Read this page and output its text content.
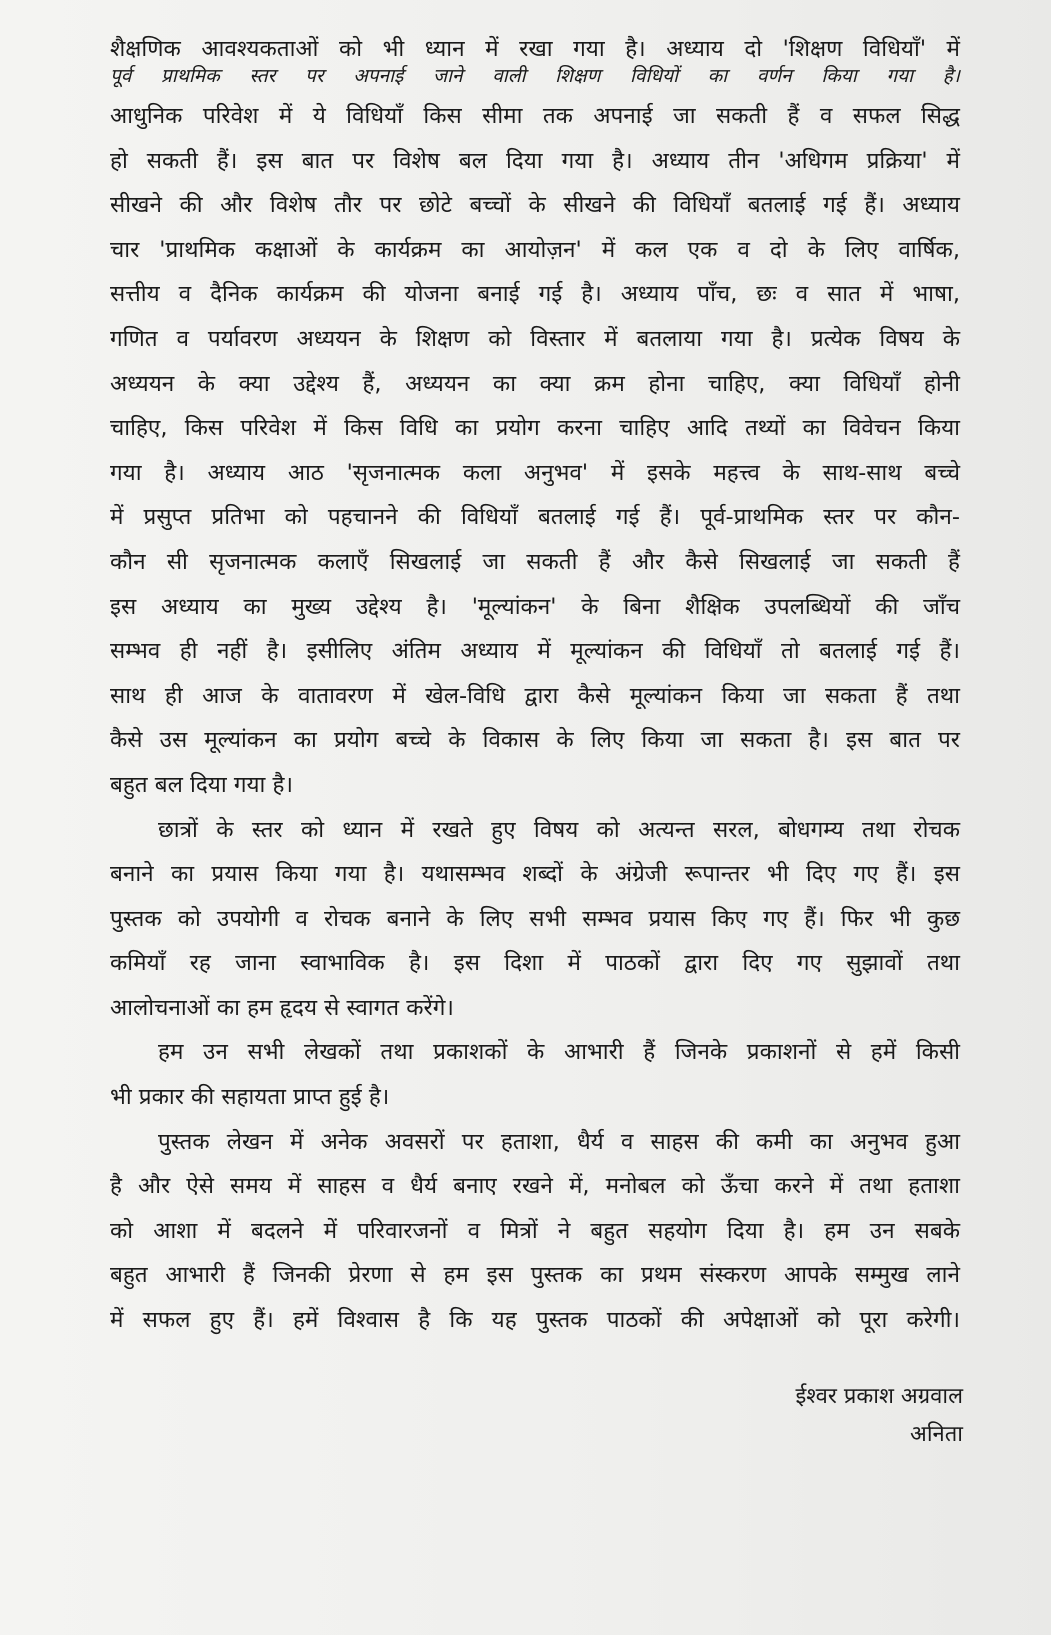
शैक्षणिक आवश्यकताओं को भी ध्यान में रखा गया है। अध्याय दो 'शिक्षण विधियाँ' में
पूर्व प्राथमिक स्तर पर अपनाई जाने वाली शिक्षण विधियों का वर्णन किया गया है।
आधुनिक परिवेश में ये विधियाँ किस सीमा तक अपनाई जा सकती हैं व सफल सिद्ध
हो सकती हैं। इस बात पर विशेष बल दिया गया है। अध्याय तीन 'अधिगम प्रक्रिया' में
सीखने की और विशेष तौर पर छोटे बच्चों के सीखने की विधियाँ बतलाई गई हैं। अध्याय
चार 'प्राथमिक कक्षाओं के कार्यक्रम का आयोज़न' में कल एक व दो के लिए वार्षिक,
सत्तीय व दैनिक कार्यक्रम की योजना बनाई गई है। अध्याय पाँच, छः व सात में भाषा,
गणित व पर्यावरण अध्ययन के शिक्षण को विस्तार में बतलाया गया है। प्रत्येक विषय के
अध्ययन के क्या उद्देश्य हैं, अध्ययन का क्या क्रम होना चाहिए, क्या विधियाँ होनी
चाहिए, किस परिवेश में किस विधि का प्रयोग करना चाहिए आदि तथ्यों का विवेचन किया
गया है। अध्याय आठ 'सृजनात्मक कला अनुभव' में इसके महत्त्व के साथ-साथ बच्चे
में प्रसुप्त प्रतिभा को पहचानने की विधियाँ बतलाई गई हैं। पूर्व-प्राथमिक स्तर पर कौन-
कौन सी सृजनात्मक कलाएँ सिखलाई जा सकती हैं और कैसे सिखलाई जा सकती हैं
इस अध्याय का मुख्य उद्देश्य है। 'मूल्यांकन' के बिना शैक्षिक उपलब्धियों की जाँच
सम्भव ही नहीं है। इसीलिए अंतिम अध्याय में मूल्यांकन की विधियाँ तो बतलाई गई हैं।
साथ ही आज के वातावरण में खेल-विधि द्वारा कैसे मूल्यांकन किया जा सकता हैं तथा
कैसे उस मूल्यांकन का प्रयोग बच्चे के विकास के लिए किया जा सकता है। इस बात पर
बहुत बल दिया गया है।
छात्रों के स्तर को ध्यान में रखते हुए विषय को अत्यन्त सरल, बोधगम्य तथा रोचक
बनाने का प्रयास किया गया है। यथासम्भव शब्दों के अंग्रेजी रूपान्तर भी दिए गए हैं। इस
पुस्तक को उपयोगी व रोचक बनाने के लिए सभी सम्भव प्रयास किए गए हैं। फिर भी कुछ
कमियाँ रह जाना स्वाभाविक है। इस दिशा में पाठकों द्वारा दिए गए सुझावों तथा
आलोचनाओं का हम हृदय से स्वागत करेंगे।
हम उन सभी लेखकों तथा प्रकाशकों के आभारी हैं जिनके प्रकाशनों से हमें किसी
भी प्रकार की सहायता प्राप्त हुई है।
पुस्तक लेखन में अनेक अवसरों पर हताशा, धैर्य व साहस की कमी का अनुभव हुआ
है और ऐसे समय में साहस व धैर्य बनाए रखने में, मनोबल को ऊँचा करने में तथा हताशा
को आशा में बदलने में परिवारजनों व मित्रों ने बहुत सहयोग दिया है। हम उन सबके
बहुत आभारी हैं जिनकी प्रेरणा से हम इस पुस्तक का प्रथम संस्करण आपके सम्मुख लाने
में सफल हुए हैं। हमें विश्वास है कि यह पुस्तक पाठकों की अपेक्षाओं को पूरा करेगी।
ईश्वर प्रकाश अग्रवाल
अनिता
